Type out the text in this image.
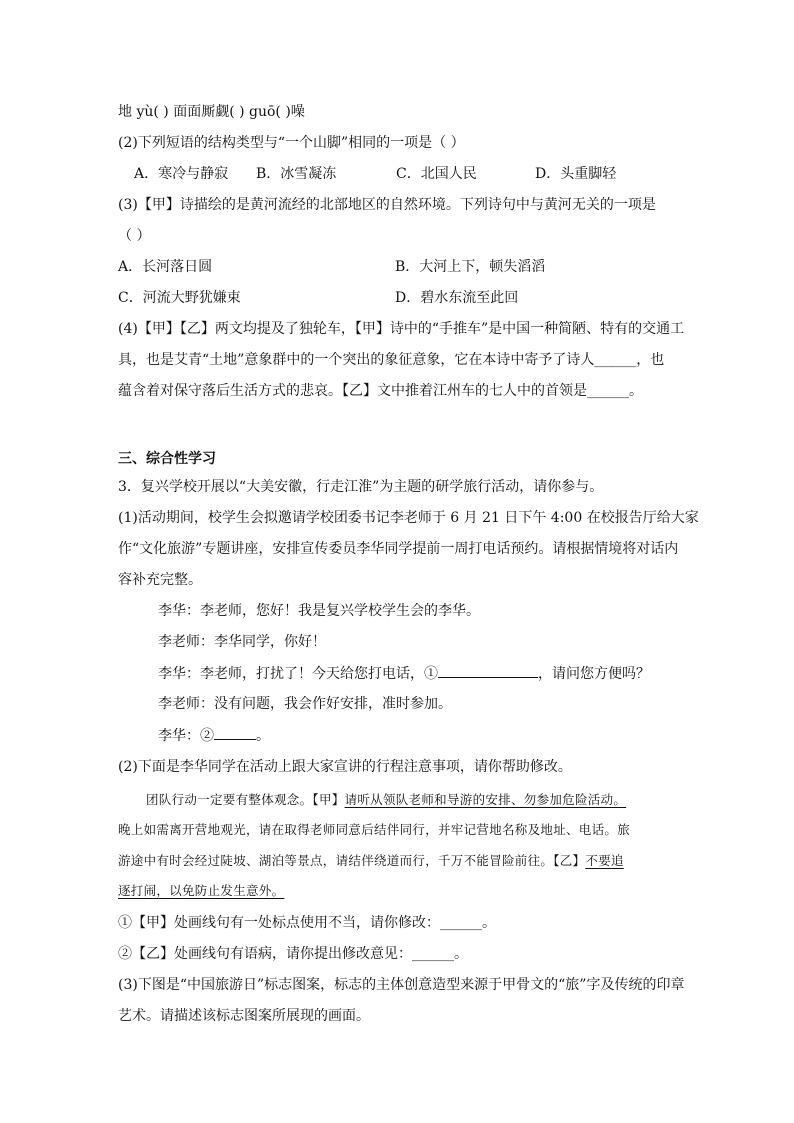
地 yù( ) 面面厮觑( ) guō( )噪
(2)下列短语的结构类型与“一个山脚”相同的一项是（ ）
A．寒冷与静寂 B．冰雪凝冻	C．北国人民	D．头重脚轻
(3)【甲】诗描绘的是黄河流经的北部地区的自然环境。下列诗句中与黄河无关的一项是
（ ）
A．长河落日圆	B．大河上下，顿失滔滔
C．河流大野犹嫌束	D．碧水东流至此回
(4)【甲】【乙】两文均提及了独轮车，【甲】诗中的“手推车”是中国一种简陋、特有的交通工
具，也是艾青“土地”意象群中的一个突出的象征意象，它在本诗中寄予了诗人______，也
蕴含着对保守落后生活方式的悲哀。【乙】文中推着江州车的七人中的首领是______。
三、综合性学习
3．复兴学校开展以“大美安徽，行走江淮”为主题的研学旅行活动，请你参与。
(1)活动期间，校学生会拟邀请学校团委书记李老师于 6 月 21 日下午 4:00 在校报告厅给大家
作“文化旅游”专题讲座，安排宣传委员李华同学提前一周打电话预约。请根据情境将对话内
容补充完整。
李华：李老师，您好！我是复兴学校学生会的李华。
李老师：李华同学，你好！
李华：李老师，打扰了！今天给您打电话，①	，请问您方便吗？
李老师：没有问题，我会作好安排，准时参加。
李华：②	。
(2)下面是李华同学在活动上跟大家宣讲的行程注意事项，请你帮助修改。
团队行动一定要有整体观念。【甲】请听从领队老师和导游的安排、勿参加危险活动。
晚上如需离开营地观光，请在取得老师同意后结伴同行，并牢记营地名称及地址、电话。旅
游途中有时会经过陡坡、湖泊等景点，请结伴绕道而行，千万不能冒险前往。【乙】不要追
逐打闹，以免防止发生意外。
①【甲】处画线句有一处标点使用不当，请你修改：______。
②【乙】处画线句有语病，请你提出修改意见：______。
(3)下图是“中国旅游日”标志图案，标志的主体创意造型来源于甲骨文的“旅”字及传统的印章
艺术。请描述该标志图案所展现的画面。
